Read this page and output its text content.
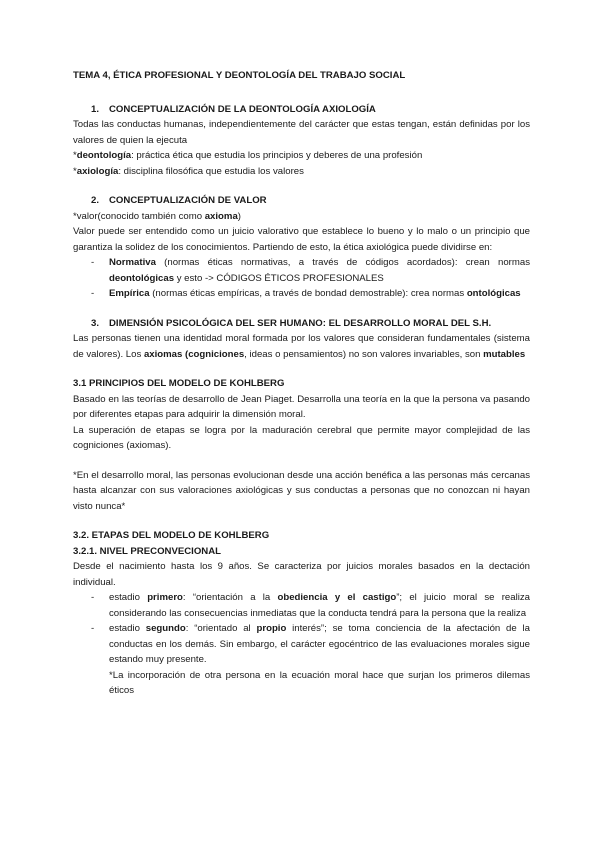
TEMA 4, ÉTICA PROFESIONAL Y DEONTOLOGÍA DEL TRABAJO SOCIAL

1. CONCEPTUALIZACIÓN DE LA DEONTOLOGÍA AXIOLOGÍA

Todas las conductas humanas, independientemente del carácter que estas tengan, están definidas por los valores de quien la ejecuta

*deontología: práctica ética que estudia los principios y deberes de una profesión

*axiología: disciplina filosófica que estudia los valores

2. CONCEPTUALIZACIÓN DE VALOR

*valor(conocido también como axioma)

Valor puede ser entendido como un juicio valorativo que establece lo bueno y lo malo o un principio que garantiza la solidez de los conocimientos. Partiendo de esto, la ética axiológica puede dividirse en:

- Normativa (normas éticas normativas, a través de códigos acordados): crean normas deontológicas y esto -> CÓDIGOS ÉTICOS PROFESIONALES
- Empírica (normas éticas empíricas, a través de bondad demostrable): crea normas ontológicas

3. DIMENSIÓN PSICOLÓGICA DEL SER HUMANO: EL DESARROLLO MORAL DEL S.H.

Las personas tienen una identidad moral formada por los valores que consideran fundamentales (sistema de valores). Los axiomas (cogniciones, ideas o pensamientos) no son valores invariables, son mutables

3.1 PRINCIPIOS DEL MODELO DE KOHLBERG

Basado en las teorías de desarrollo de Jean Piaget. Desarrolla una teoría en la que la persona va pasando por diferentes etapas para adquirir la dimensión moral.

La superación de etapas se logra por la maduración cerebral que permite mayor complejidad de las cogniciones (axiomas).

*En el desarrollo moral, las personas evolucionan desde una acción benéfica a las personas más cercanas hasta alcanzar con sus valoraciones axiológicas y sus conductas a personas que no conozcan ni hayan visto nunca*

3.2. ETAPAS DEL MODELO DE KOHLBERG

3.2.1. NIVEL PRECONVECIONAL

Desde el nacimiento hasta los 9 años. Se caracteriza por juicios morales basados en la dectación individual.

- estadio primero: “orientación a la obediencia y el castigo”; el juicio moral se realiza considerando las consecuencias inmediatas que la conducta tendrá para la persona que la realiza
- estadio segundo: “orientado al propio interés”; se toma conciencia de la afectación de la conductas en los demás. Sin embargo, el carácter egocéntrico de las evaluaciones morales sigue estando muy presente.

*La incorporación de otra persona en la ecuación moral hace que surjan los primeros dilemas éticos
